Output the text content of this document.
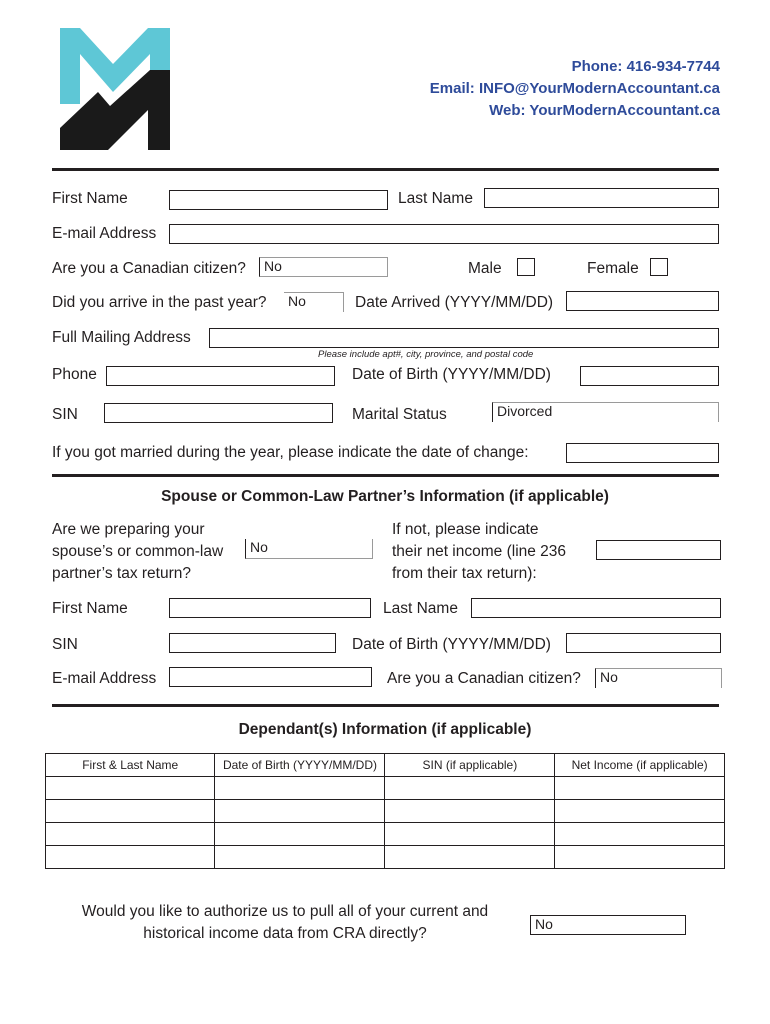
Phone: 416-934-7744
Email: INFO@YourModernAccountant.ca
Web: YourModernAccountant.ca
First Name	Last Name
E-mail Address
Are you a Canadian citizen?	No	Male	Female
Did you arrive in the past year? No	Date Arrived (YYYY/MM/DD)
Full Mailing Address
Please include apt#, city, province, and postal code
Phone	Date of Birth (YYYY/MM/DD)
SIN	Marital Status	Divorced
If you got married during the year, please indicate the date of change:
Spouse or Common-Law Partner’s Information (if applicable)
Are we preparing your
spouse’s or common-law
partner’s tax return?
No
If not, please indicate
their net income (line 236
from their tax return):
First Name	Last Name
SIN	Date of Birth (YYYY/MM/DD)
E-mail Address	Are you a Canadian citizen?	No
Dependant(s) Information (if applicable)
First & Last Name	Date of Birth (YYYY/MM/DD)	SIN (if applicable)	Net Income (if applicable)

Would you like to authorize us to pull all of your current and
historical income data from CRA directly?
No
